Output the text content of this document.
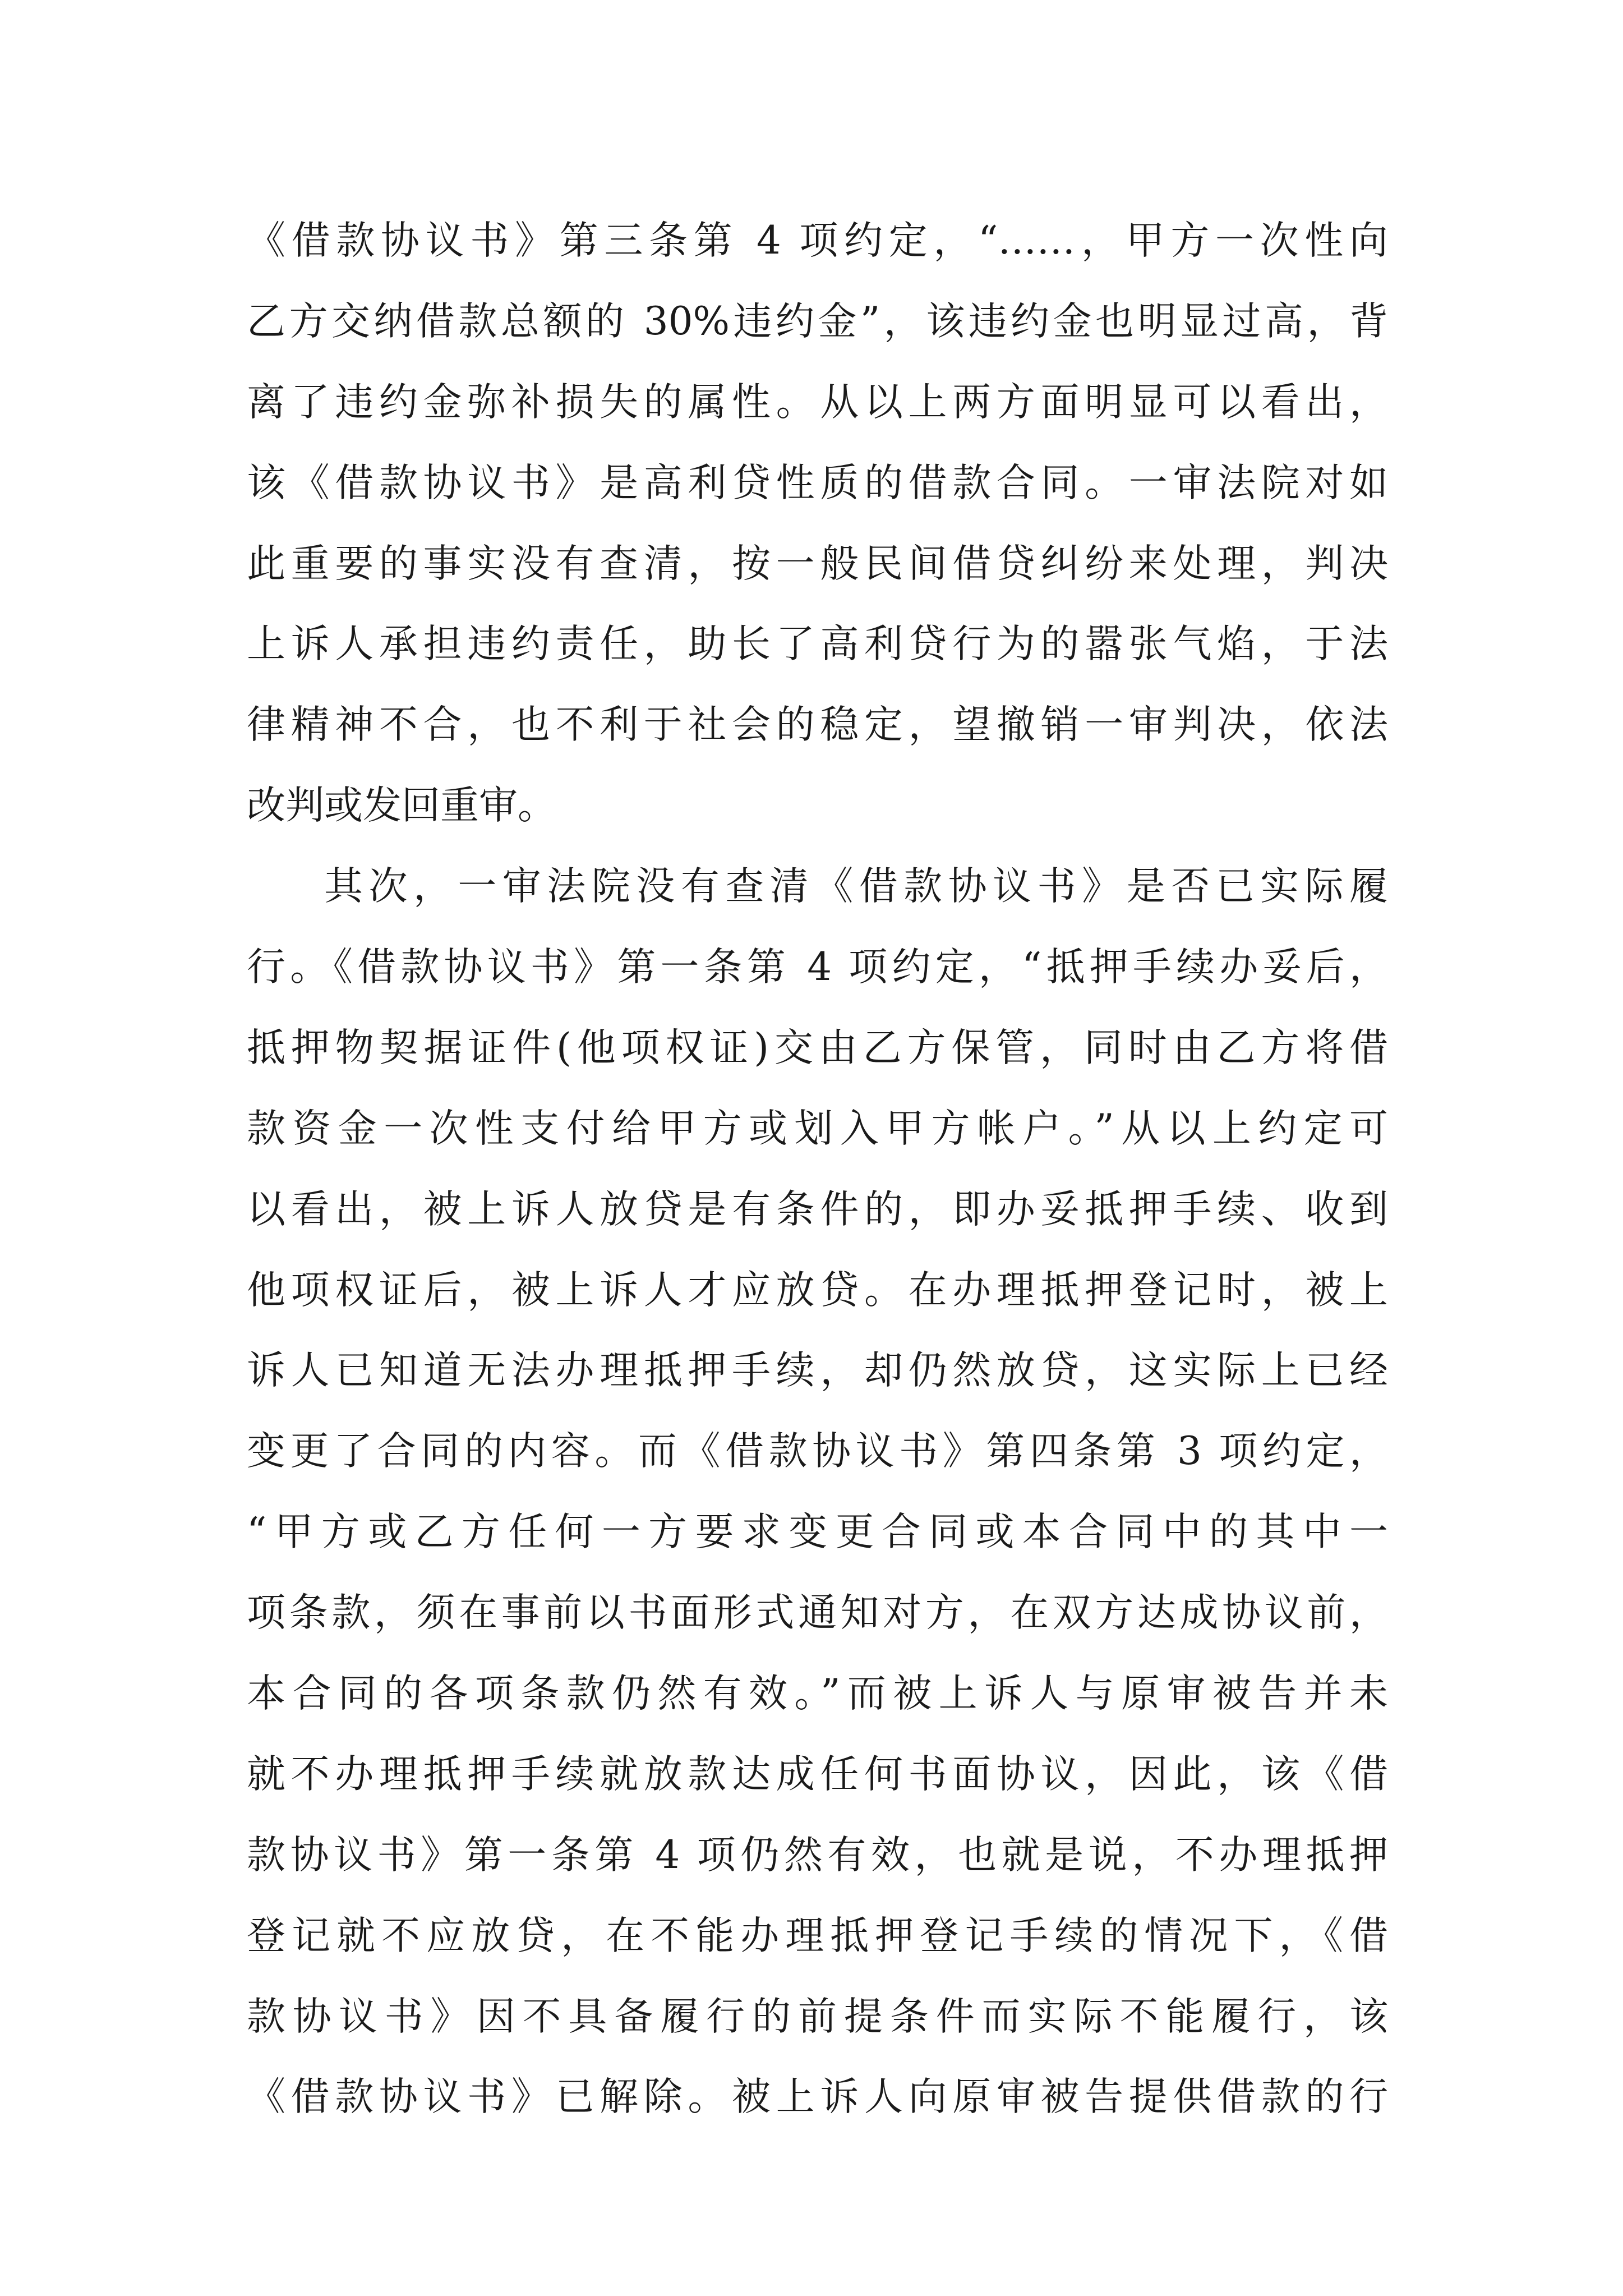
《借款协议书》第三条第 4 项约定，“……，甲方一次性向
乙方交纳借款总额的 30%违约金”，该违约金也明显过高，背
离了违约金弥补损失的属性。从以上两方面明显可以看出，
该《借款协议书》是高利贷性质的借款合同。一审法院对如
此重要的事实没有查清，按一般民间借贷纠纷来处理，判决
上诉人承担违约责任，助长了高利贷行为的嚣张气焰，于法
律精神不合，也不利于社会的稳定，望撤销一审判决，依法
改判或发回重审。
其次，一审法院没有查清《借款协议书》是否已实际履
行。《借款协议书》第一条第 4 项约定，“抵押手续办妥后，
抵押物契据证件(他项权证)交由乙方保管，同时由乙方将借
款资金一次性支付给甲方或划入甲方帐户。”从以上约定可
以看出，被上诉人放贷是有条件的，即办妥抵押手续、收到
他项权证后，被上诉人才应放贷。在办理抵押登记时，被上
诉人已知道无法办理抵押手续，却仍然放贷，这实际上已经
变更了合同的内容。而《借款协议书》第四条第 3 项约定，
“甲方或乙方任何一方要求变更合同或本合同中的其中一
项条款，须在事前以书面形式通知对方，在双方达成协议前，
本合同的各项条款仍然有效。”而被上诉人与原审被告并未
就不办理抵押手续就放款达成任何书面协议，因此，该《借
款协议书》第一条第 4 项仍然有效，也就是说，不办理抵押
登记就不应放贷，在不能办理抵押登记手续的情况下，《借
款协议书》因不具备履行的前提条件而实际不能履行，该
《借款协议书》已解除。被上诉人向原审被告提供借款的行
